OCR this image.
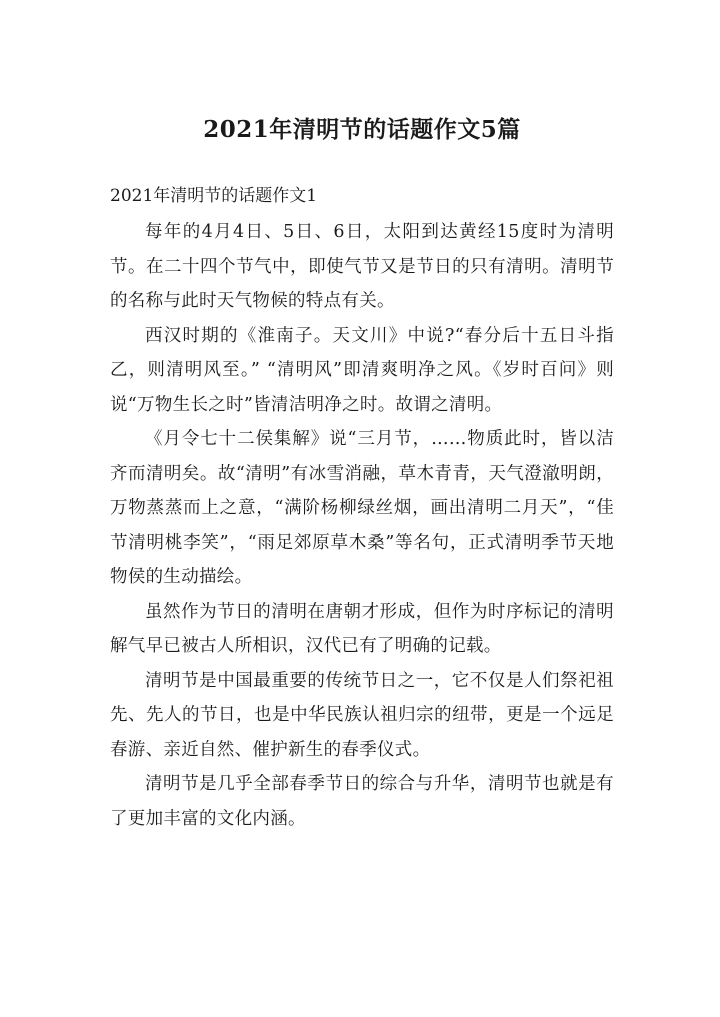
2021年清明节的话题作文5篇
2021年清明节的话题作文1

每年的4月4日、5日、6日，太阳到达黄经15度时为清明节。在二十四个节气中，即使气节又是节日的只有清明。清明节的名称与此时天气物候的特点有关。

西汉时期的《淮南子。天文川》中说?“春分后十五日斗指乙，则清明风至。” “清明风”即清爽明净之风。《岁时百问》则说“万物生长之时”皆清洁明净之时。故谓之清明。

《月令七十二侯集解》说“三月节，……物质此时，皆以洁齐而清明矣。故“清明”有冰雪消融，草木青青，天气澄澈明朗，万物蒸蒸而上之意，“满阶杨柳绿丝烟，画出清明二月天”，“佳节清明桃李笑”，“雨足郊原草木桑”等名句，正式清明季节天地物侯的生动描绘。

虽然作为节日的清明在唐朝才形成，但作为时序标记的清明解气早已被古人所相识，汉代已有了明确的记载。

清明节是中国最重要的传统节日之一，它不仅是人们祭祀祖先、先人的节日，也是中华民族认祖归宗的纽带，更是一个远足春游、亲近自然、催护新生的春季仪式。

清明节是几乎全部春季节日的综合与升华，清明节也就是有了更加丰富的文化内涵。
